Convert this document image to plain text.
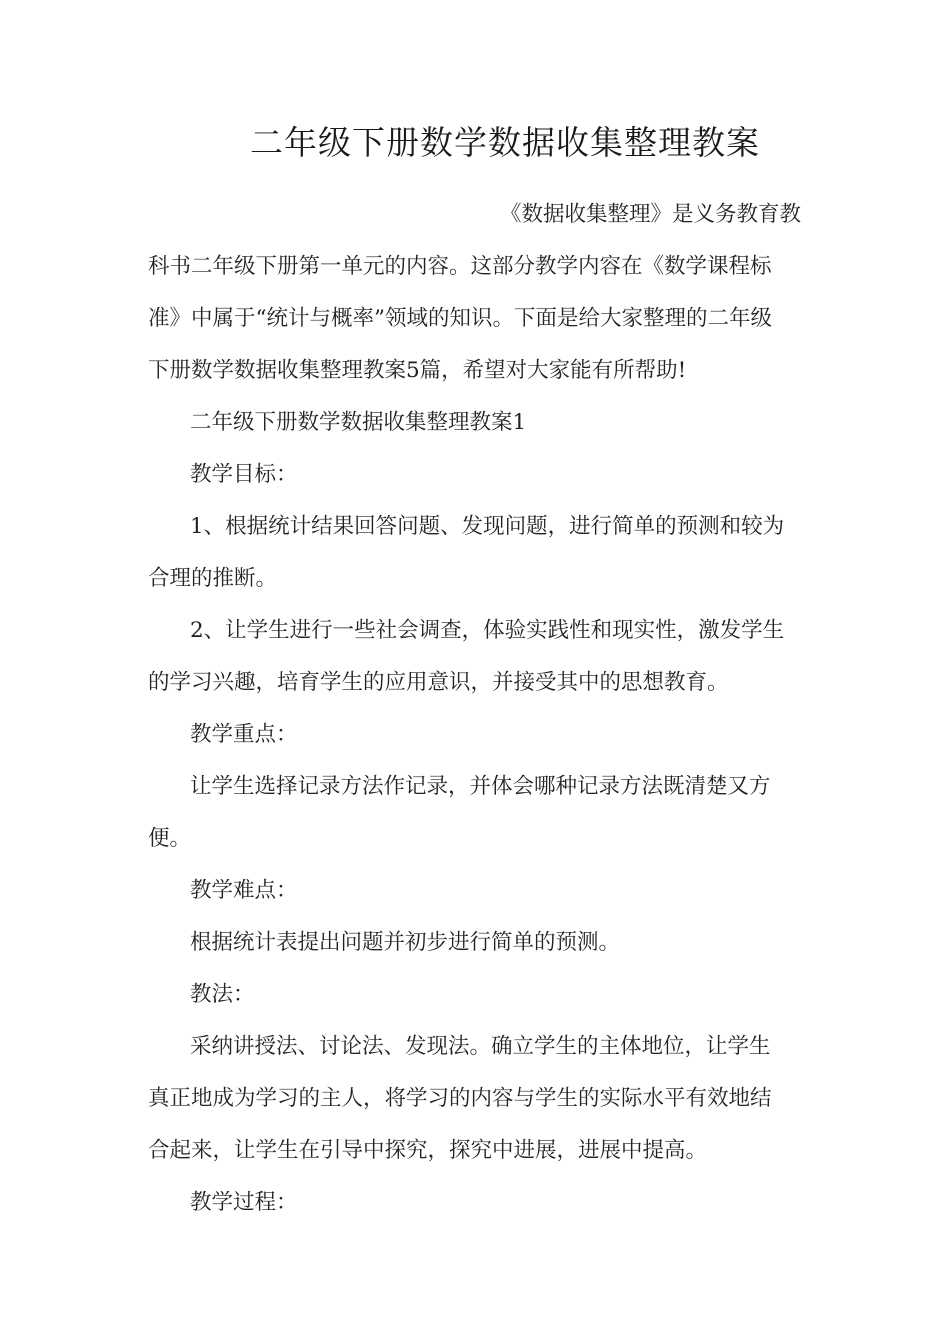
二年级下册数学数据收集整理教案
《数据收集整理》是义务教育教
科书二年级下册第一单元的内容。这部分教学内容在《数学课程标
准》中属于“统计与概率”领域的知识。下面是给大家整理的二年级
下册数学数据收集整理教案5篇，希望对大家能有所帮助!
二年级下册数学数据收集整理教案1
教学目标：
1、根据统计结果回答问题、发现问题，进行简单的预测和较为
合理的推断。
2、让学生进行一些社会调查，体验实践性和现实性，激发学生
的学习兴趣，培育学生的应用意识，并接受其中的思想教育。
教学重点：
让学生选择记录方法作记录，并体会哪种记录方法既清楚又方
便。
教学难点：
根据统计表提出问题并初步进行简单的预测。
教法：
采纳讲授法、讨论法、发现法。确立学生的主体地位，让学生
真正地成为学习的主人，将学习的内容与学生的实际水平有效地结
合起来，让学生在引导中探究，探究中进展，进展中提高。
教学过程：
